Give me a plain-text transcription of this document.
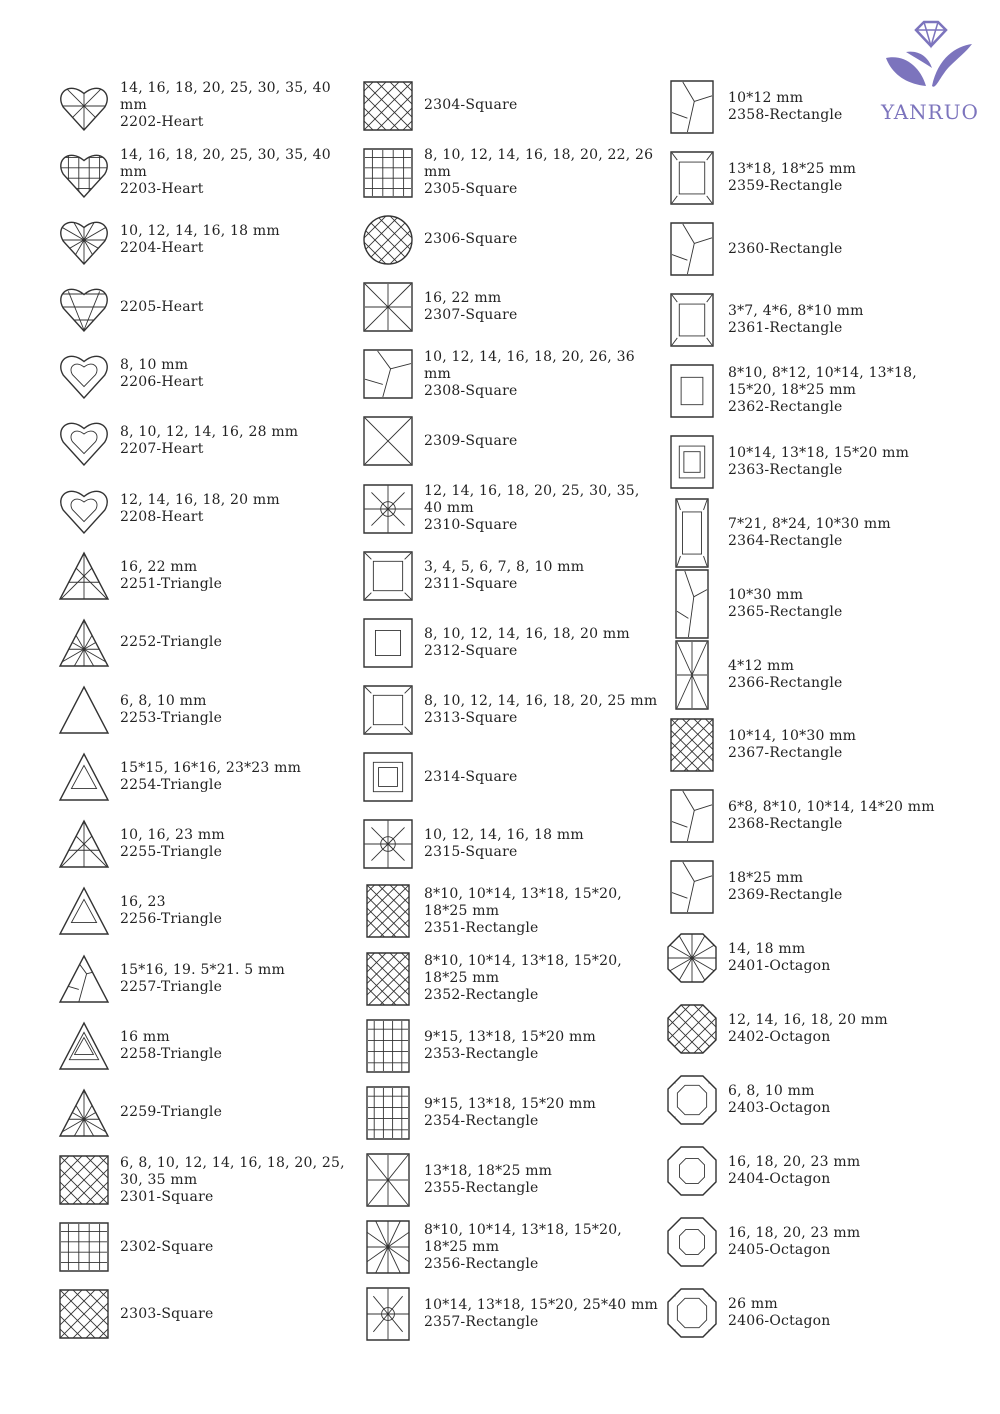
14, 16, 18, 20, 25, 30, 35, 40 mm
2202-Heart
14, 16, 18, 20, 25, 30, 35, 40 mm
2203-Heart
10, 12, 14, 16, 18 mm
2204-Heart
2205-Heart
8, 10 mm
2206-Heart
8, 10, 12, 14, 16, 28 mm
2207-Heart
12, 14, 16, 18, 20 mm
2208-Heart
16, 22 mm
2251-Triangle
2252-Triangle
6, 8, 10 mm
2253-Triangle
15*15, 16*16, 23*23 mm
2254-Triangle
10, 16, 23 mm
2255-Triangle
16, 23
2256-Triangle
15*16, 19. 5*21. 5 mm
2257-Triangle
16 mm
2258-Triangle
2259-Triangle
6, 8, 10, 12, 14, 16, 18, 20, 25, 30, 35 mm
2301-Square
2302-Square
2303-Square
2304-Square
8, 10, 12, 14, 16, 18, 20, 22, 26 mm
2305-Square
2306-Square
16, 22 mm
2307-Square
10, 12, 14, 16, 18, 20, 26, 36 mm
2308-Square
2309-Square
12, 14, 16, 18, 20, 25, 30, 35, 40 mm
2310-Square
3, 4, 5, 6, 7, 8, 10 mm
2311-Square
8, 10, 12, 14, 16, 18, 20 mm
2312-Square
8, 10, 12, 14, 16, 18, 20, 25 mm
2313-Square
2314-Square
10, 12, 14, 16, 18 mm
2315-Square
8*10, 10*14, 13*18, 15*20, 18*25 mm
2351-Rectangle
8*10, 10*14, 13*18, 15*20, 18*25 mm
2352-Rectangle
9*15, 13*18, 15*20 mm
2353-Rectangle
9*15, 13*18, 15*20 mm
2354-Rectangle
13*18, 18*25 mm
2355-Rectangle
8*10, 10*14, 13*18, 15*20, 18*25 mm
2356-Rectangle
10*14, 13*18, 15*20, 25*40 mm
2357-Rectangle
10*12 mm
2358-Rectangle
13*18, 18*25 mm
2359-Rectangle
2360-Rectangle
3*7, 4*6, 8*10 mm
2361-Rectangle
8*10, 8*12, 10*14, 13*18, 15*20, 18*25 mm
2362-Rectangle
10*14, 13*18, 15*20 mm
2363-Rectangle
7*21, 8*24, 10*30 mm
2364-Rectangle
10*30 mm
2365-Rectangle
4*12 mm
2366-Rectangle
10*14, 10*30 mm
2367-Rectangle
6*8, 8*10, 10*14, 14*20 mm
2368-Rectangle
18*25 mm
2369-Rectangle
14, 18 mm
2401-Octagon
12, 14, 16, 18, 20 mm
2402-Octagon
6, 8, 10 mm
2403-Octagon
16, 18, 20, 23 mm
2404-Octagon
16, 18, 20, 23 mm
2405-Octagon
26 mm
2406-Octagon
YANRUO
